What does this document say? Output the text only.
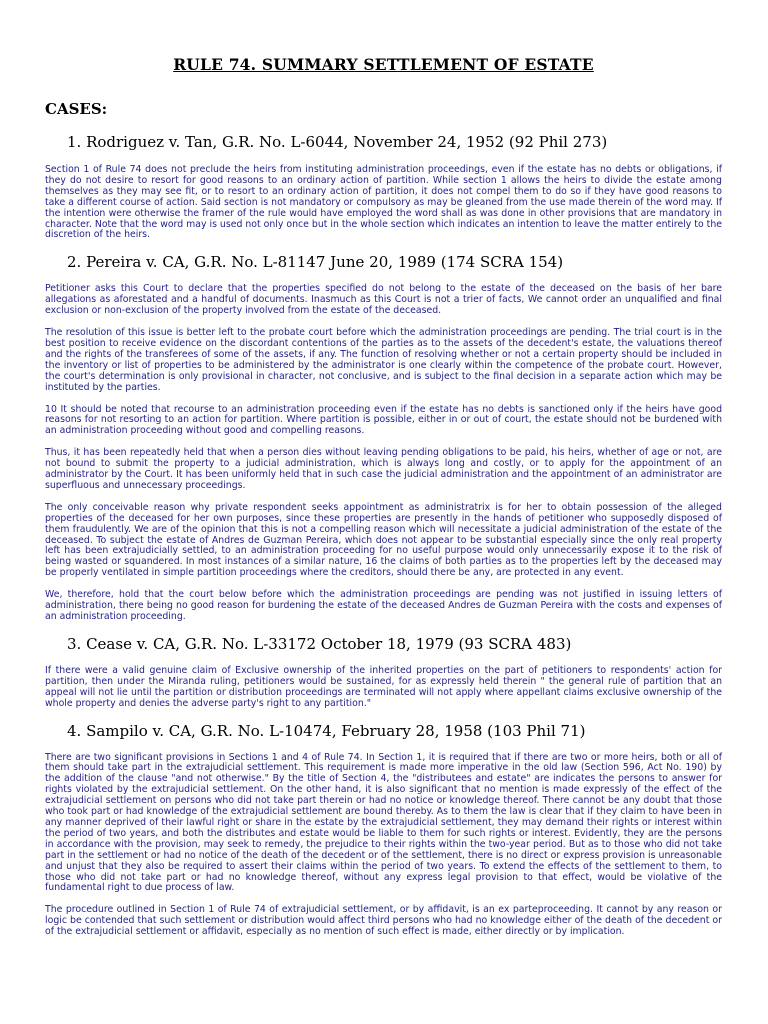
RULE 74. SUMMARY SETTLEMENT OF ESTATE
CASES:
1. Rodriguez v. Tan, G.R. No. L-6044, November 24, 1952 (92 Phil 273)

Section 1 of Rule 74 does not preclude the heirs from instituting administration proceedings, even if the estate has no debts or obligations, if they do not desire to resort for good reasons to an ordinary action of partition. While section 1 allows the heirs to divide the estate among themselves as they may see fit, or to resort to an ordinary action of partition, it does not compel them to do so if they have good reasons to take a different course of action. Said section is not mandatory or compulsory as may be gleaned from the use made therein of the word may. If the intention were otherwise the framer of the rule would have employed the word shall as was done in other provisions that are mandatory in character. Note that the word may is used not only once but in the whole section which indicates an intention to leave the matter entirely to the discretion of the heirs.

2. Pereira v. CA, G.R. No. L-81147 June 20, 1989 (174 SCRA 154)

Petitioner asks this Court to declare that the properties specified do not belong to the estate of the deceased on the basis of her bare allegations as aforestated and a handful of documents. Inasmuch as this Court is not a trier of facts, We cannot order an unqualified and final exclusion or non-exclusion of the property involved from the estate of the deceased.

The resolution of this issue is better left to the probate court before which the administration proceedings are pending. The trial court is in the best position to receive evidence on the discordant contentions of the parties as to the assets of the decedent's estate, the valuations thereof and the rights of the transferees of some of the assets, if any. The function of resolving whether or not a certain property should be included in the inventory or list of properties to be administered by the administrator is one clearly within the competence of the probate court. However, the court's determination is only provisional in character, not conclusive, and is subject to the final decision in a separate action which may be instituted by the parties.

10 It should be noted that recourse to an administration proceeding even if the estate has no debts is sanctioned only if the heirs have good reasons for not resorting to an action for partition. Where partition is possible, either in or out of court, the estate should not be burdened with an administration proceeding without good and compelling reasons.

Thus, it has been repeatedly held that when a person dies without leaving pending obligations to be paid, his heirs, whether of age or not, are not bound to submit the property to a judicial administration, which is always long and costly, or to apply for the appointment of an administrator by the Court. It has been uniformly held that in such case the judicial administration and the appointment of an administrator are superfluous and unnecessary proceedings.

The only conceivable reason why private respondent seeks appointment as administratrix is for her to obtain possession of the alleged properties of the deceased for her own purposes, since these properties are presently in the hands of petitioner who supposedly disposed of them fraudulently. We are of the opinion that this is not a compelling reason which will necessitate a judicial administration of the estate of the deceased. To subject the estate of Andres de Guzman Pereira, which does not appear to be substantial especially since the only real property left has been extrajudicially settled, to an administration proceeding for no useful purpose would only unnecessarily expose it to the risk of being wasted or squandered. In most instances of a similar nature, 16 the claims of both parties as to the properties left by the deceased may be properly ventilated in simple partition proceedings where the creditors, should there be any, are protected in any event.

We, therefore, hold that the court below before which the administration proceedings are pending was not justified in issuing letters of administration, there being no good reason for burdening the estate of the deceased Andres de Guzman Pereira with the costs and expenses of an administration proceeding.

3. Cease v. CA, G.R. No. L-33172 October 18, 1979 (93 SCRA 483)

If there were a valid genuine claim of Exclusive ownership of the inherited properties on the part of petitioners to respondents' action for partition, then under the Miranda ruling, petitioners would be sustained, for as expressly held therein " the general rule of partition that an appeal will not lie until the partition or distribution proceedings are terminated will not apply where appellant claims exclusive ownership of the whole property and denies the adverse party's right to any partition."

4. Sampilo v. CA, G.R. No. L-10474, February 28, 1958 (103 Phil 71)

There are two significant provisions in Sections 1 and 4 of Rule 74. In Section 1, it is required that if there are two or more heirs, both or all of them should take part in the extrajudicial settlement. This requirement is made more imperative in the old law (Section 596, Act No. 190) by the addition of the clause "and not otherwise." By the title of Section 4, the "distributees and estate" are indicates the persons to answer for rights violated by the extrajudicial settlement. On the other hand, it is also significant that no mention is made expressly of the effect of the extrajudicial settlement on persons who did not take part therein or had no notice or knowledge thereof. There cannot be any doubt that those who took part or had knowledge of the extrajudicial settlement are bound thereby. As to them the law is clear that if they claim to have been in any manner deprived of their lawful right or share in the estate by the extrajudicial settlement, they may demand their rights or interest within the period of two years, and both the distributes and estate would be liable to them for such rights or interest. Evidently, they are the persons in accordance with the provision, may seek to remedy, the prejudice to their rights within the two-year period. But as to those who did not take part in the settlement or had no notice of the death of the decedent or of the settlement, there is no direct or express provision is unreasonable and unjust that they also be required to assert their claims within the period of two years. To extend the effects of the settlement to them, to those who did not take part or had no knowledge thereof, without any express legal provision to that effect, would be violative of the fundamental right to due process of law.

The procedure outlined in Section 1 of Rule 74 of extrajudicial settlement, or by affidavit, is an ex parteproceeding. It cannot by any reason or logic be contended that such settlement or distribution would affect third persons who had no knowledge either of the death of the decedent or of the extrajudicial settlement or affidavit, especially as no mention of such effect is made, either directly or by implication.
